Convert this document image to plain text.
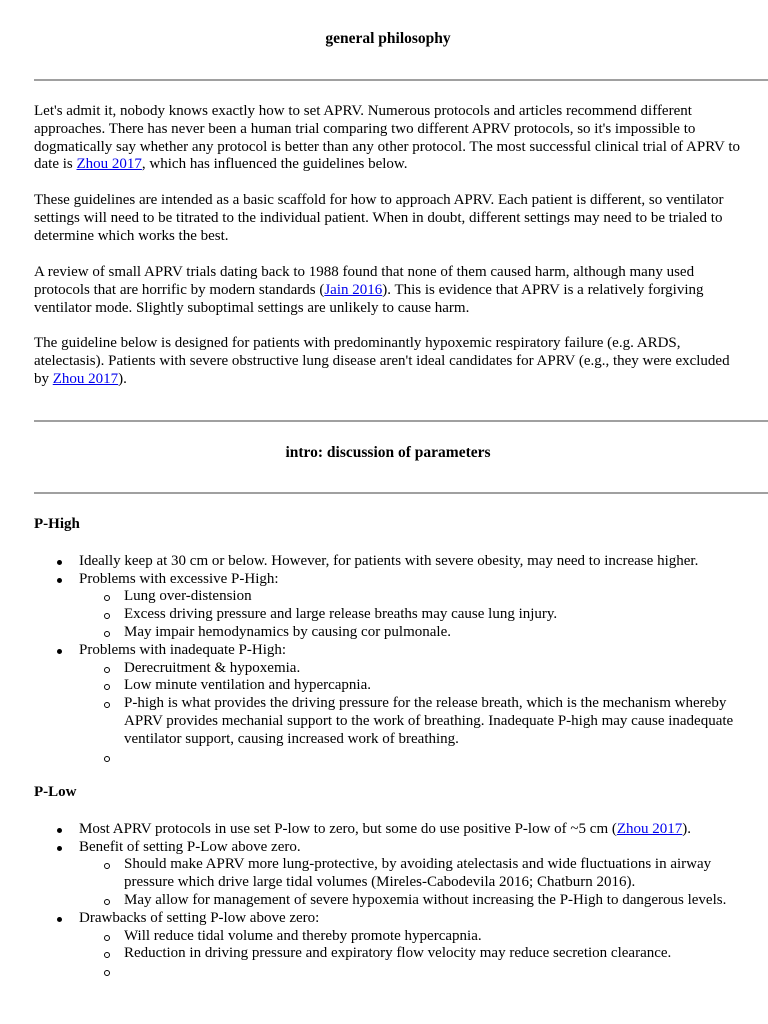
general philosophy

Let's admit it, nobody knows exactly how to set APRV. Numerous protocols and articles recommend different approaches. There has never been a human trial comparing two different APRV protocols, so it's impossible to dogmatically say whether any protocol is better than any other protocol. The most successful clinical trial of APRV to date is Zhou 2017, which has influenced the guidelines below.

These guidelines are intended as a basic scaffold for how to approach APRV. Each patient is different, so ventilator settings will need to be titrated to the individual patient. When in doubt, different settings may need to be trialed to determine which works the best.

A review of small APRV trials dating back to 1988 found that none of them caused harm, although many used protocols that are horrific by modern standards (Jain 2016). This is evidence that APRV is a relatively forgiving ventilator mode. Slightly suboptimal settings are unlikely to cause harm.

The guideline below is designed for patients with predominantly hypoxemic respiratory failure (e.g. ARDS, atelectasis). Patients with severe obstructive lung disease aren't ideal candidates for APRV (e.g., they were excluded by Zhou 2017).

intro: discussion of parameters
P-High
Ideally keep at 30 cm or below. However, for patients with severe obesity, may need to increase higher.
Problems with excessive P-High:
Lung over-distension
Excess driving pressure and large release breaths may cause lung injury.
May impair hemodynamics by causing cor pulmonale.
Problems with inadequate P-High:
Derecruitment & hypoxemia.
Low minute ventilation and hypercapnia.
P-high is what provides the driving pressure for the release breath, which is the mechanism whereby APRV provides mechanial support to the work of breathing. Inadequate P-high may cause inadequate ventilator support, causing increased work of breathing.
P-Low
Most APRV protocols in use set P-low to zero, but some do use positive P-low of ~5 cm (Zhou 2017).
Benefit of setting P-Low above zero.
Should make APRV more lung-protective, by avoiding atelectasis and wide fluctuations in airway pressure which drive large tidal volumes (Mireles-Cabodevila 2016; Chatburn 2016).
May allow for management of severe hypoxemia without increasing the P-High to dangerous levels.
Drawbacks of setting P-low above zero:
Will reduce tidal volume and thereby promote hypercapnia.
Reduction in driving pressure and expiratory flow velocity may reduce secretion clearance.
